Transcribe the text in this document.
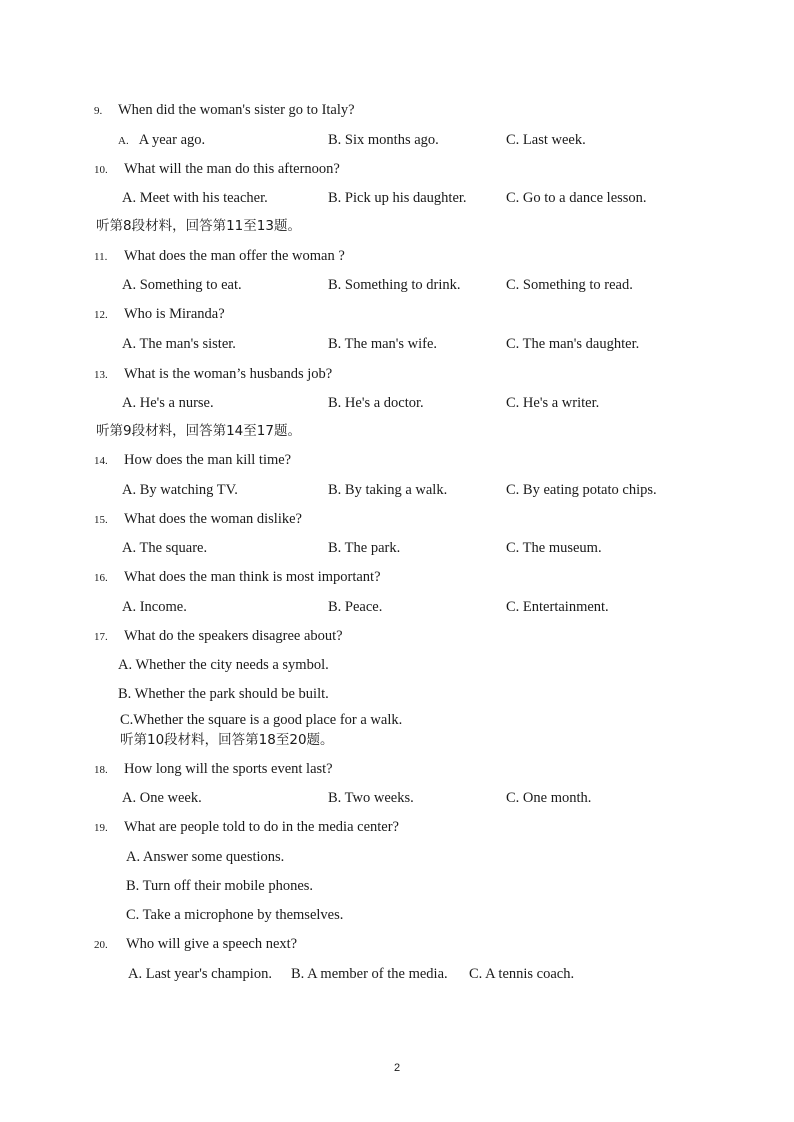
9. When did the woman's sister go to Italy?
A. A year ago.	B. Six months ago.	C. Last week.
10. What will the man do this afternoon?
A. Meet with his teacher.	B. Pick up his daughter.	C. Go to a dance lesson.
听第8段材料，回答第11至13题。
11. What does the man offer the woman ?
A. Something to eat.	B. Something to drink.	C. Something to read.
12. Who is Miranda?
A. The man's sister.	B. The man's wife.	C. The man's daughter.
13. What is the woman’s husbands job?
A. He's a nurse.	B. He's a doctor.	C. He's a writer.
听第9段材料，回答第14至17题。
14. How does the man kill time?
A. By watching TV.	B. By taking a walk.	C. By eating potato chips.
15. What does the woman dislike?
A. The square.	B. The park.	C. The museum.
16. What does the man think is most important?
A. Income.	B. Peace.	C. Entertainment.
17. What do the speakers disagree about?
A. Whether the city needs a symbol.
B. Whether the park should be built.
C.Whether the square is a good place for a walk.
听第10段材料，回答第18至20题。
18. How long will the sports event last?
A. One week.	B. Two weeks.	C. One month.
19. What are people told to do in the media center?
A. Answer some questions.
B. Turn off their mobile phones.
C. Take a microphone by themselves.
20. Who will give a speech next?
A. Last year's champion. B. A member of the media. C. A tennis coach.
2
